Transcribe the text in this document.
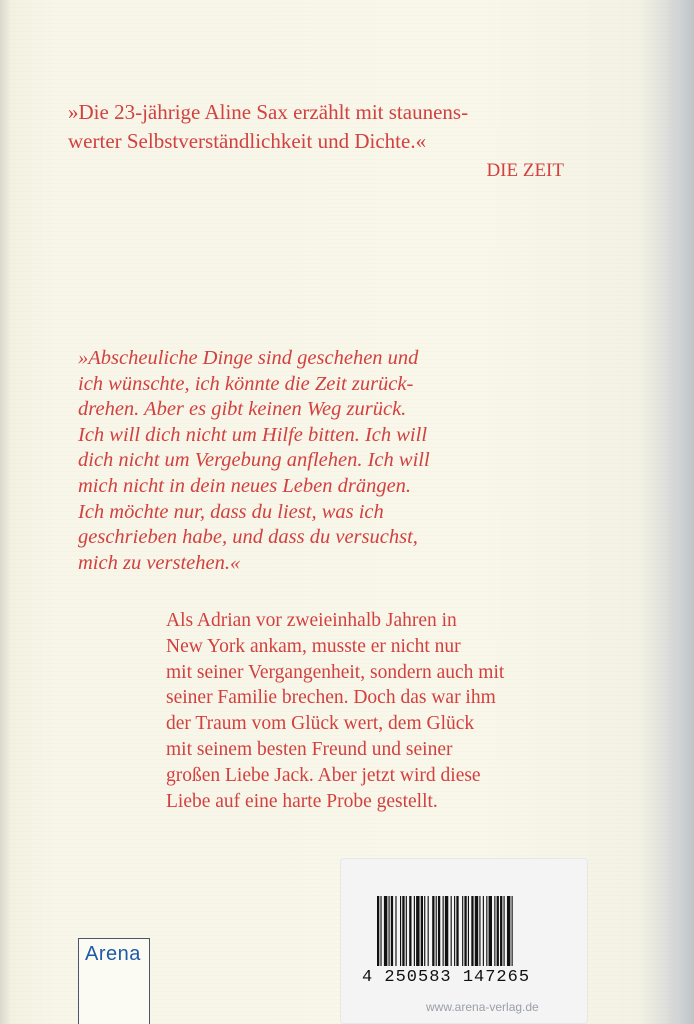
»Die 23-jährige Aline Sax erzählt mit staunens-
werter Selbstverständlichkeit und Dichte.«
DIE ZEIT
»Abscheuliche Dinge sind geschehen und
ich wünschte, ich könnte die Zeit zurück-
drehen. Aber es gibt keinen Weg zurück.
Ich will dich nicht um Hilfe bitten. Ich will
dich nicht um Vergebung anflehen. Ich will
mich nicht in dein neues Leben drängen.
Ich möchte nur, dass du liest, was ich
geschrieben habe, und dass du versuchst,
mich zu verstehen.«
Als Adrian vor zweieinhalb Jahren in
New York ankam, musste er nicht nur
mit seiner Vergangenheit, sondern auch mit
seiner Familie brechen. Doch das war ihm
der Traum vom Glück wert, dem Glück
mit seinem besten Freund und seiner
großen Liebe Jack. Aber jetzt wird diese
Liebe auf eine harte Probe gestellt.
Arena
4 250583 147265
www.arena-verlag.de
